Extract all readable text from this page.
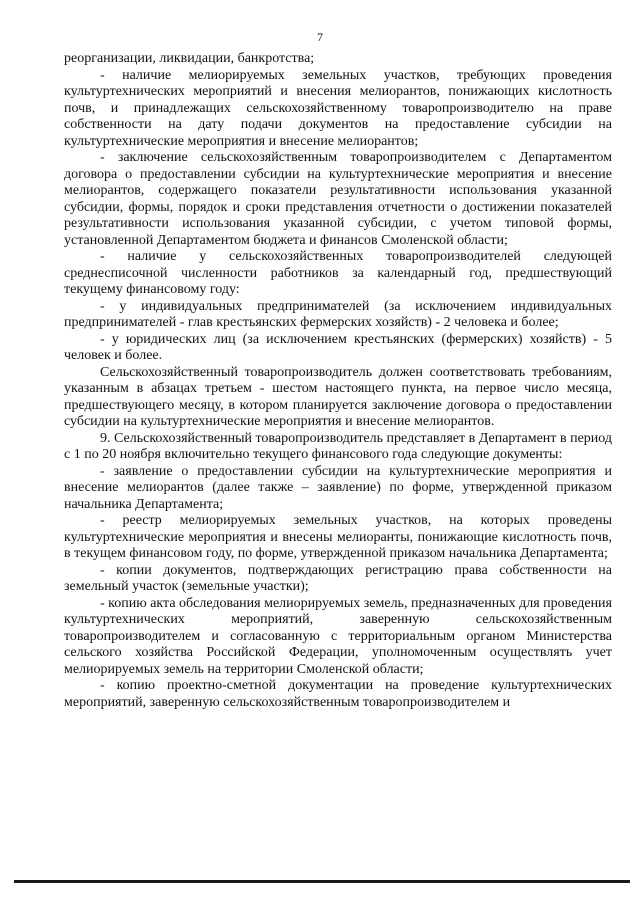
7

реорганизации, ликвидации, банкротства;

- наличие мелиорируемых земельных участков, требующих проведения культуртехнических мероприятий и внесения мелиорантов, понижающих кислотность почв, и принадлежащих сельскохозяйственному товаропроизводителю на праве собственности на дату подачи документов на предоставление субсидии на культуртехнические мероприятия и внесение мелиорантов;

- заключение сельскохозяйственным товаропроизводителем с Департаментом договора о предоставлении субсидии на культуртехнические мероприятия и внесение мелиорантов, содержащего показатели результативности использования указанной субсидии, формы, порядок и сроки представления отчетности о достижении показателей результативности использования указанной субсидии, с учетом типовой формы, установленной Департаментом бюджета и финансов Смоленской области;

- наличие у сельскохозяйственных товаропроизводителей следующей среднесписочной численности работников за календарный год, предшествующий текущему финансовому году:

- у индивидуальных предпринимателей (за исключением индивидуальных предпринимателей - глав крестьянских фермерских хозяйств) - 2 человека и более;

- у юридических лиц (за исключением крестьянских (фермерских) хозяйств) - 5 человек и более.

Сельскохозяйственный товаропроизводитель должен соответствовать требованиям, указанным в абзацах третьем - шестом настоящего пункта, на первое число месяца, предшествующего месяцу, в котором планируется заключение договора о предоставлении субсидии на культуртехнические мероприятия и внесение мелиорантов.

9. Сельскохозяйственный товаропроизводитель представляет в Департамент в период с 1 по 20 ноября включительно текущего финансового года следующие документы:

- заявление о предоставлении субсидии на культуртехнические мероприятия и внесение мелиорантов (далее также – заявление) по форме, утвержденной приказом начальника Департамента;

- реестр мелиорируемых земельных участков, на которых проведены культуртехнические мероприятия и внесены мелиоранты, понижающие кислотность почв, в текущем финансовом году, по форме, утвержденной приказом начальника Департамента;

- копии документов, подтверждающих регистрацию права собственности на земельный участок (земельные участки);

- копию акта обследования мелиорируемых земель, предназначенных для проведения культуртехнических мероприятий, заверенную сельскохозяйственным товаропроизводителем и согласованную с территориальным органом Министерства сельского хозяйства Российской Федерации, уполномоченным осуществлять учет мелиорируемых земель на территории Смоленской области;

- копию проектно-сметной документации на проведение культуртехнических мероприятий, заверенную сельскохозяйственным товаропроизводителем и
